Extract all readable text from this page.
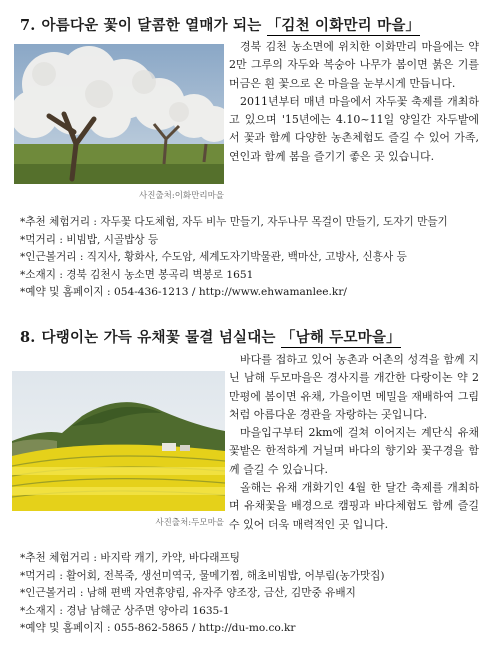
7. 아름다운 꽃이 달콤한 열매가 되는 「김천 이화만리 마을」
사진출처:이화만리마을

경북 김천 농소면에 위치한 이화만리 마을에는 약 2만 그루의 자두와 복숭아 나무가 봄이면 붉은 기를 머금은 흰 꽃으로 온 마을을 눈부시게 만듭니다.

2011년부터 매년 마을에서 자두꽃 축제를 개최하고 있으며 '15년에는 4.10~11일 양일간 자두밭에서 꽃과 함께 다양한 농촌체험도 즐길 수 있어 가족, 연인과 함께 봄을 즐기기 좋은 곳 있습니다.

*추천 체험거리 : 자두꽃 다도체험, 자두 비누 만들기, 자두나무 목걸이 만들기, 도자기 만들기
*먹거리 : 비빔밥, 시골밥상 등
*인근볼거리 : 직지사, 황화사, 수도암, 세계도자기박물관, 백마산, 고방사, 신흥사 등
*소재지 : 경북 김천시 농소면 봉곡리 벽봉로 1651
*예약 및 홈페이지 : 054-436-1213 / http://www.ehwamanlee.kr/
8. 다랭이논 가득 유채꽃 물결 넘실대는 「남해 두모마을」
사진출처:두모마을

바다를 접하고 있어 농촌과 어촌의 성격을 함께 지닌 남해 두모마을은 경사지를 개간한 다랑이논 약 2만평에 봄이면 유채, 가을이면 메밀을 재배하여 그림처럼 아름다운 경관을 자랑하는 곳입니다.

마을입구부터 2km에 걸쳐 이어지는 계단식 유채꽃밭은 한적하게 거닐며 바다의 향기와 꽃구경을 함께 즐길 수 있습니다.

올해는 유채 개화기인 4월 한 달간 축제를 개최하며 유채꽃을 배경으로 캠핑과 바다체험도 함께 즐길 수 있어 더욱 매력적인 곳 입니다.

*추천 체험거리 : 바지락 캐기, 카약, 바다래프팅
*먹거리 : 활어회, 전복죽, 생선미역국, 물메기찜, 해초비빔밥, 어부림(농가맛집)
*인근볼거리 : 남해 편백 자연휴양림, 유자주 양조장, 금산, 김만중 유배지
*소재지 : 경남 남해군 상주면 양아리 1635-1
*예약 및 홈페이지 : 055-862-5865 / http://du-mo.co.kr
